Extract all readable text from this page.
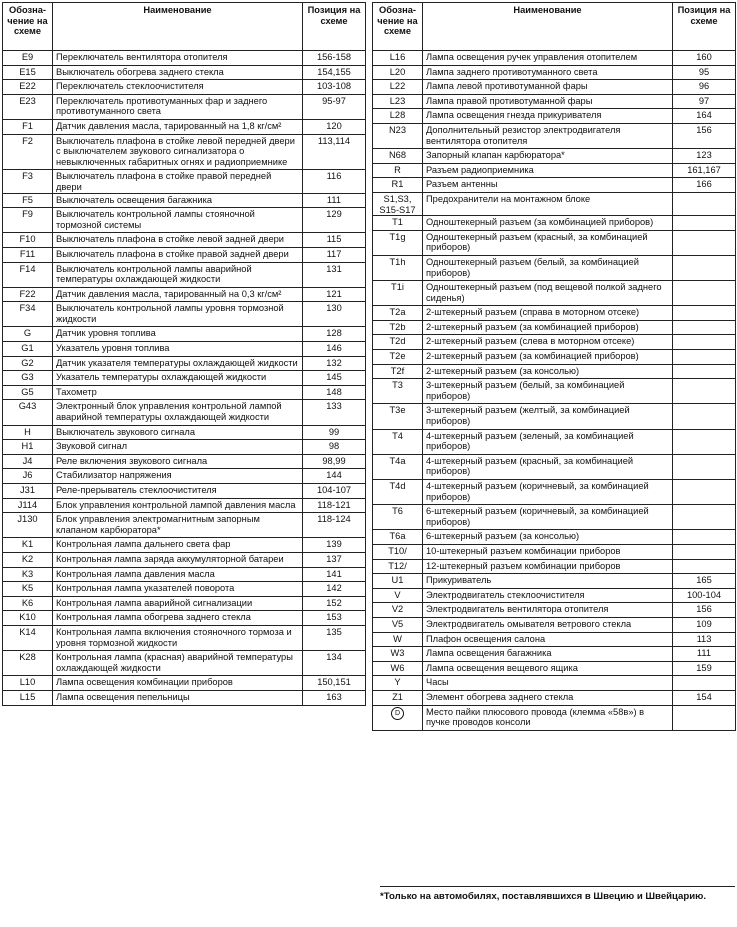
Обозна-чение на схеме	Наименование	Позиция на схеме
E9	Переключатель вентилятора отопителя	156-158
E15	Выключатель обогрева заднего стекла	154,155
E22	Переключатель стеклоочистителя	103-108
E23	Переключатель противотуманных фар и заднего противотуманного света	95-97
F1	Датчик давления масла, тарированный на 1,8 кг/см²	120
F2	Выключатель плафона в стойке левой передней двери с выключателем звукового сигнализатора о невыключенных габаритных огнях и радиоприемнике	113,114
F3	Выключатель плафона в стойке правой передней двери	116
F5	Выключатель освещения багажника	111
F9	Выключатель контрольной лампы стояночной тормозной системы	129
F10	Выключатель плафона в стойке левой задней двери	115
F11	Выключатель плафона в стойке правой задней двери	117
F14	Выключатель контрольной лампы аварийной температуры охлаждающей жидкости	131
F22	Датчик давления масла, тарированный на 0,3 кг/см²	121
F34	Выключатель контрольной лампы уровня тормозной жидкости	130
G	Датчик уровня топлива	128
G1	Указатель уровня топлива	146
G2	Датчик указателя температуры охлаждающей жидкости	132
G3	Указатель температуры охлаждающей жидкости	145
G5	Тахометр	148
G43	Электронный блок управления контрольной лампой аварийной температуры охлаждающей жидкости	133
H	Выключатель звукового сигнала	99
H1	Звуковой сигнал	98
J4	Реле включения звукового сигнала	98,99
J6	Стабилизатор напряжения	144
J31	Реле-прерыватель стеклоочистителя	104-107
J114	Блок управления контрольной лампой давления масла	118-121
J130	Блок управления электромагнитным запорным клапаном карбюратора*	118-124
K1	Контрольная лампа дальнего света фар	139
K2	Контрольная лампа заряда аккумуляторной батареи	137
K3	Контрольная лампа давления масла	141
K5	Контрольная лампа указателей поворота	142
K6	Контрольная лампа аварийной сигнализации	152
K10	Контрольная лампа обогрева заднего стекла	153
K14	Контрольная лампа включения стояночного тормоза и уровня тормозной жидкости	135
K28	Контрольная лампа (красная) аварийной температуры охлаждающей жидкости	134
L10	Лампа освещения комбинации приборов	150,151
L15	Лампа освещения пепельницы	163
Обозна-чение на схеме	Наименование	Позиция на схеме
L16	Лампа освещения ручек управления отопителем	160
L20	Лампа заднего противотуманного света	95
L22	Лампа левой противотуманной фары	96
L23	Лампа правой противотуманной фары	97
L28	Лампа освещения гнезда прикуривателя	164
N23	Дополнительный резистор электродвигателя вентилятора отопителя	156
N68	Запорный клапан карбюратора*	123
R	Разъем радиоприемника	161,167
R1	Разъем антенны	166
S1,S3, S15-S17	Предохранители на монтажном блоке	
T1	Одноштекерный разъем (за комбинацией приборов)	
T1g	Одноштекерный разъем (красный, за комбинацией приборов)	
T1h	Одноштекерный разъем (белый, за комбинацией приборов)	
T1i	Одноштекерный разъем (под вещевой полкой заднего сиденья)	
T2a	2-штекерный разъем (справа в моторном отсеке)	
T2b	2-штекерный разъем (за комбинацией приборов)	
T2d	2-штекерный разъем (слева в моторном отсеке)	
T2e	2-штекерный разъем (за комбинацией приборов)	
T2f	2-штекерный разъем (за консолью)	
T3	3-штекерный разъем (белый, за комбинацией приборов)	
T3e	3-штекерный разъем (желтый, за комбинацией приборов)	
T4	4-штекерный разъем (зеленый, за комбинацией приборов)	
T4a	4-штекерный разъем (красный, за комбинацией приборов)	
T4d	4-штекерный разъем (коричневый, за комбинацией приборов)	
T6	6-штекерный разъем (коричневый, за комбинацией приборов)	
T6a	6-штекерный разъем (за консолью)	
T10/	10-штекерный разъем комбинации приборов	
T12/	12-штекерный разъем комбинации приборов	
U1	Прикуриватель	165
V	Электродвигатель стеклоочистителя	100-104
V2	Электродвигатель вентилятора отопителя	156
V5	Электродвигатель омывателя ветрового стекла	109
W	Плафон освещения салона	113
W3	Лампа освещения багажника	111
W6	Лампа освещения вещевого ящика	159
Y	Часы	
Z1	Элемент обогрева заднего стекла	154
D	Место пайки плюсового провода (клемма «58в») в пучке проводов консоли	
*Только на автомобилях, поставлявшихся в Швецию и Швейцарию.
